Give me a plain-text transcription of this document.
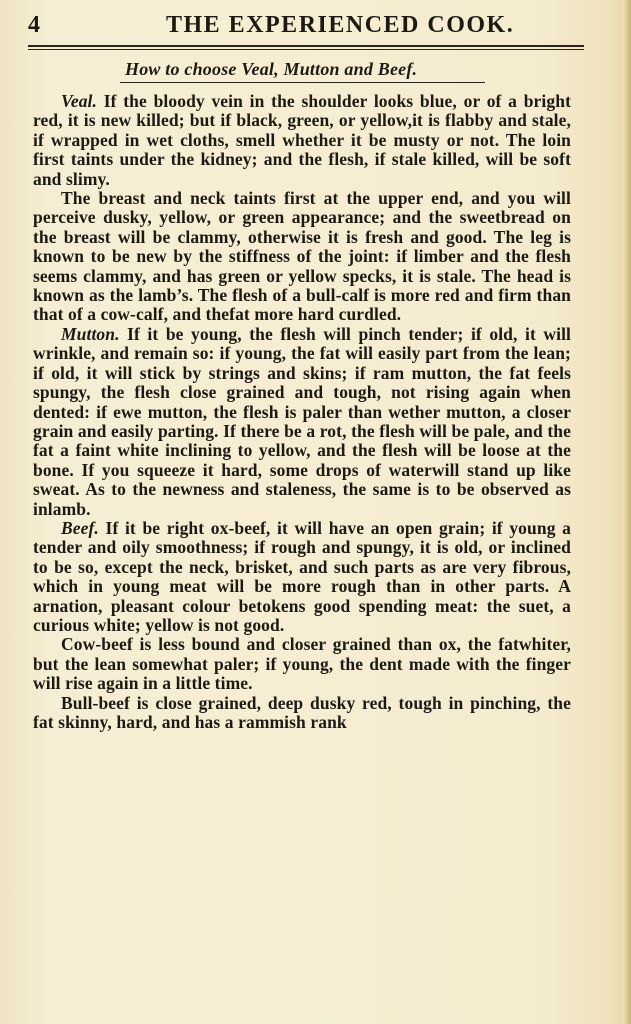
4	THE EXPERIENCED COOK.
How to choose Veal, Mutton and Beef.

Veal. If the bloody vein in the shoulder looks blue, or of a bright red, it is new killed; but if black, green, or yellow,it is flabby and stale, if wrapped in wet cloths, smell whether it be musty or not. The loin first taints under the kidney; and the flesh, if stale killed, will be soft and slimy.

The breast and neck taints first at the upper end, and you will perceive dusky, yellow, or green appearance; and the sweetbread on the breast will be clammy, otherwise it is fresh and good. The leg is known to be new by the stiffness of the joint: if limber and the flesh seems clammy, and has green or yellow specks, it is stale. The head is known as the lamb’s. The flesh of a bull-calf is more red and firm than that of a cow-calf, and thefat more hard curdled.

Mutton. If it be young, the flesh will pinch tender; if old, it will wrinkle, and remain so: if young, the fat will easily part from the lean; if old, it will stick by strings and skins; if ram mutton, the fat feels spungy, the flesh close grained and tough, not rising again when dented: if ewe mutton, the flesh is paler than wether mutton, a closer grain and easily parting. If there be a rot, the flesh will be pale, and the fat a faint white inclining to yellow, and the flesh will be loose at the bone. If you squeeze it hard, some drops of waterwill stand up like sweat. As to the newness and staleness, the same is to be observed as inlamb.

Beef. If it be right ox-beef, it will have an open grain; if young a tender and oily smoothness; if rough and spungy, it is old, or inclined to be so, except the neck, brisket, and such parts as are very fibrous, which in young meat will be more rough than in other parts. A arnation, pleasant colour betokens good spending meat: the suet, a curious white; yellow is not good.

Cow-beef is less bound and closer grained than ox, the fatwhiter, but the lean somewhat paler; if young, the dent made with the finger will rise again in a little time.

Bull-beef is close grained, deep dusky red, tough in pinching, the fat skinny, hard, and has a rammish rank
